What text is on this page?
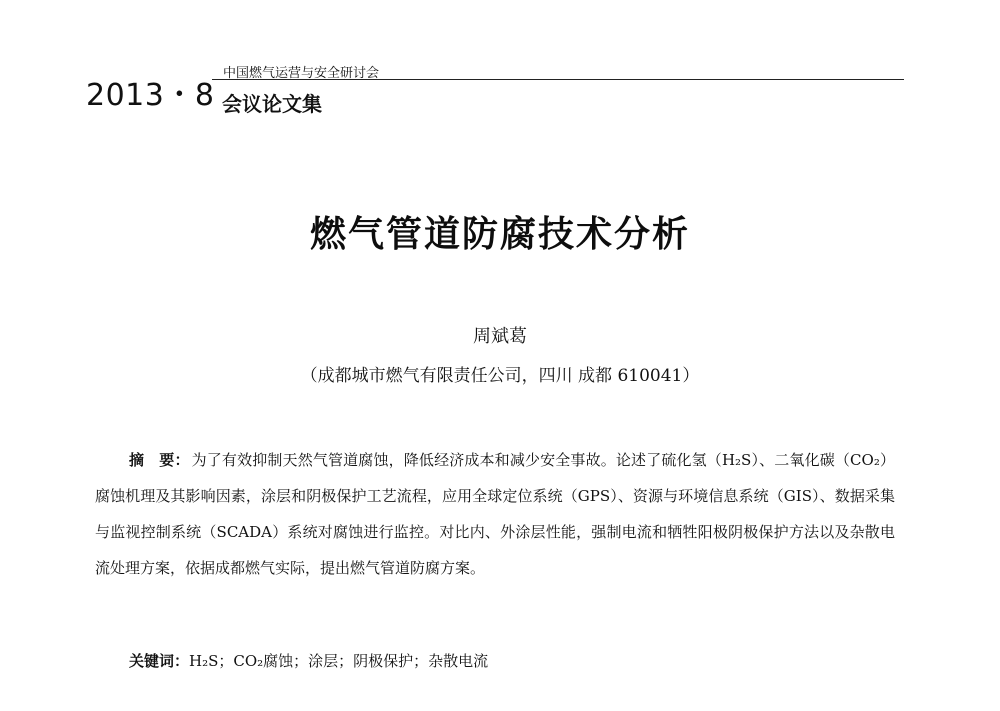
2013・8
中国燃气运营与安全研讨会
会议论文集
燃气管道防腐技术分析
周斌葛
（成都城市燃气有限责任公司，四川 成都 610041）

摘　要： 为了有效抑制天然气管道腐蚀，降低经济成本和减少安全事故。论述了硫化氢（H₂S）、二氧化碳（CO₂）腐蚀机理及其影响因素，涂层和阴极保护工艺流程，应用全球定位系统（GPS）、资源与环境信息系统（GIS）、数据采集与监视控制系统（SCADA）系统对腐蚀进行监控。对比内、外涂层性能，强制电流和牺牲阳极阴极保护方法以及杂散电流处理方案，依据成都燃气实际，提出燃气管道防腐方案。

关键词：H₂S；CO₂腐蚀；涂层；阴极保护；杂散电流
